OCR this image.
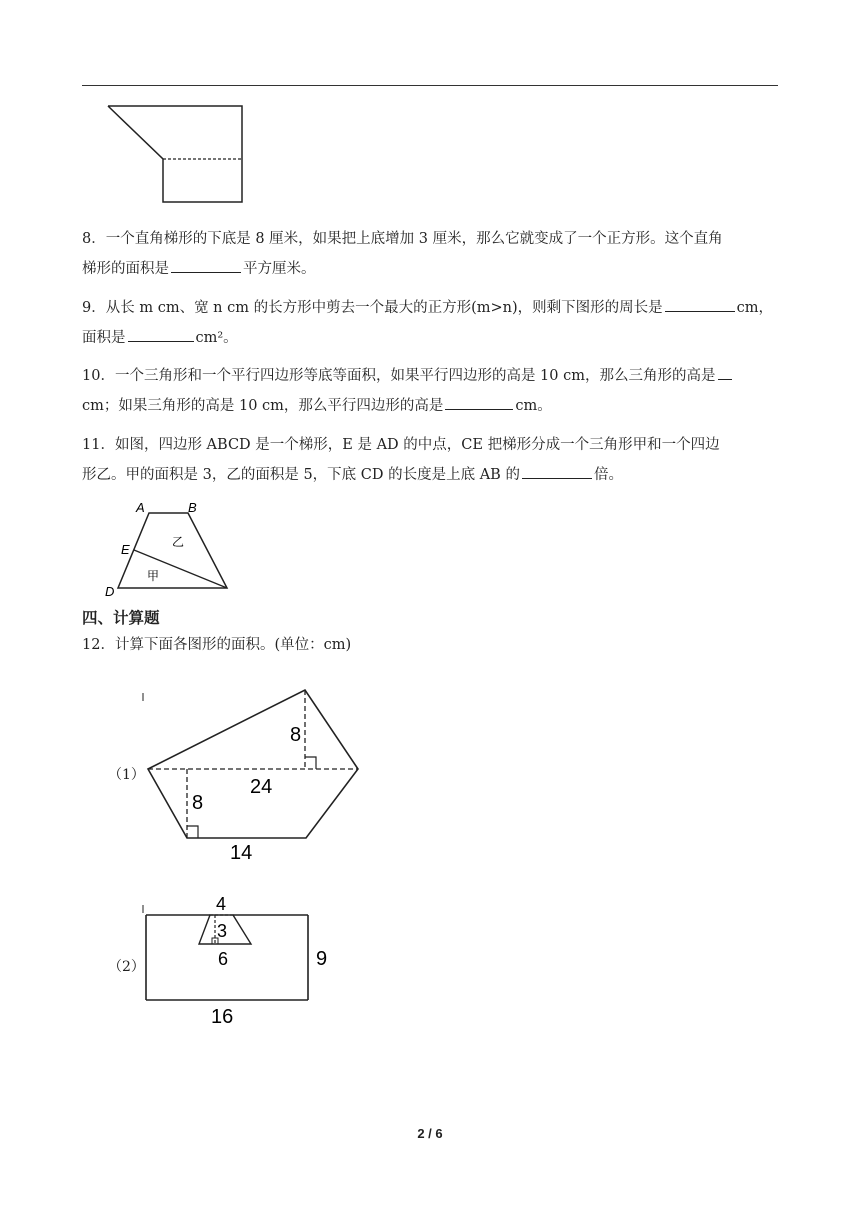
8．一个直角梯形的下底是 8 厘米，如果把上底增加 3 厘米，那么它就变成了一个正方形。这个直角
梯形的面积是	平方厘米。
9．从长 m cm、宽 n cm 的长方形中剪去一个最大的正方形(m>n)，则剩下图形的周长是	cm，
面积是	cm²。
10．一个三角形和一个平行四边形等底等面积，如果平行四边形的高是 10 cm，那么三角形的高是
cm；如果三角形的高是 10 cm，那么平行四边形的高是	cm。
11．如图，四边形 ABCD 是一个梯形，E 是 AD 的中点，CE 把梯形分成一个三角形甲和一个四边
形乙。甲的面积是 3，乙的面积是 5，下底 CD 的长度是上底 AB 的	倍。
A	B
E
D
乙
甲
四、计算题
12．计算下面各图形的面积。(单位：cm)
（1）
8
24
8
14
（2）
4
3
6	9
16
2 / 6
